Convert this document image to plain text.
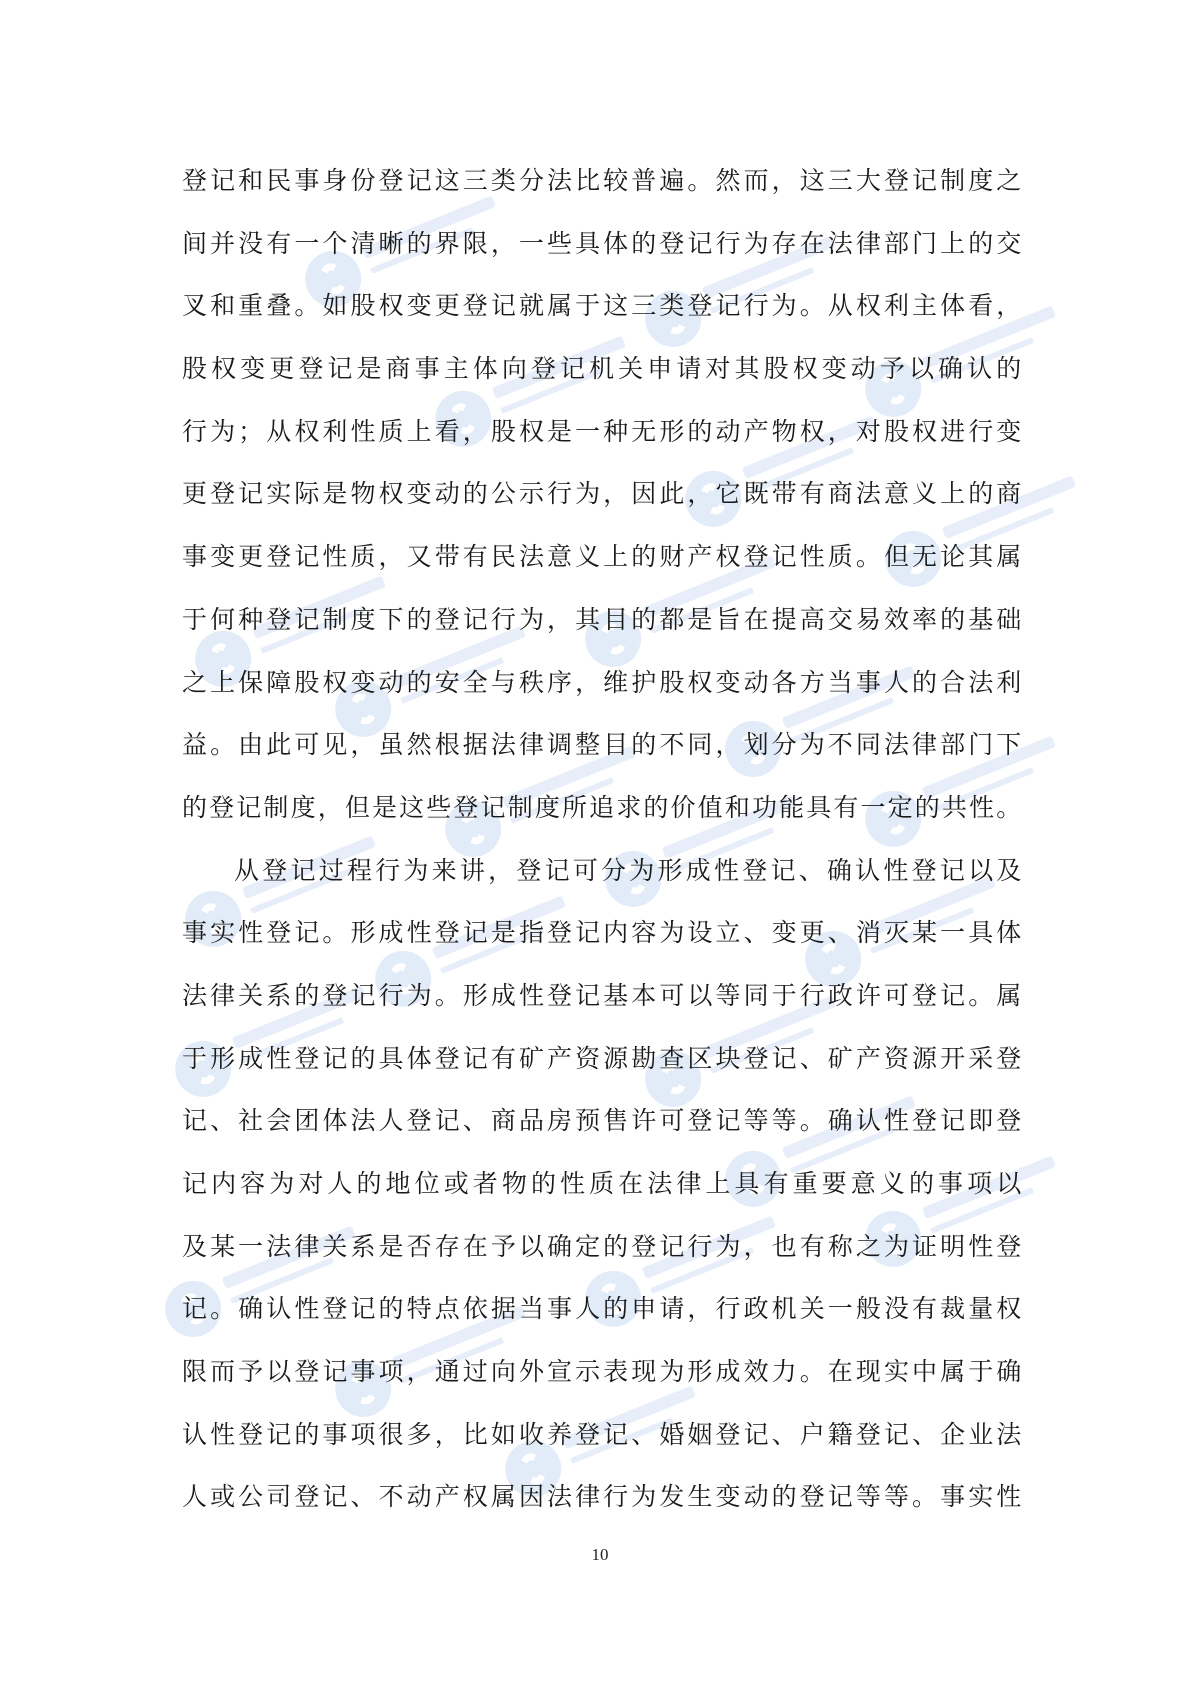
登 记 和 民 事 身 份 登 记 这 三 类 分 法 比 较 普 遍 。 然 而 ， 这 三 大 登 记 制 度 之
间 并 没 有 一 个 清 晰 的 界 限 ， 一 些 具 体 的 登 记 行 为 存 在 法 律 部 门 上 的 交
叉 和 重 叠 。 如 股 权 变 更 登 记 就 属 于 这 三 类 登 记 行 为 。 从 权 利 主 体 看 ，
股 权 变 更 登 记 是 商 事 主 体 向 登 记 机 关 申 请 对 其 股 权 变 动 予 以 确 认 的
行 为 ； 从 权 利 性 质 上 看 ， 股 权 是 一 种 无 形 的 动 产 物 权 ， 对 股 权 进 行 变
更 登 记 实 际 是 物 权 变 动 的 公 示 行 为 ， 因 此 ， 它 既 带 有 商 法 意 义 上 的 商
事 变 更 登 记 性 质 ， 又 带 有 民 法 意 义 上 的 财 产 权 登 记 性 质 。 但 无 论 其 属
于 何 种 登 记 制 度 下 的 登 记 行 为 ， 其 目 的 都 是 旨 在 提 高 交 易 效 率 的 基 础
之 上 保 障 股 权 变 动 的 安 全 与 秩 序 ， 维 护 股 权 变 动 各 方 当 事 人 的 合 法 利
益 。 由 此 可 见 ， 虽 然 根 据 法 律 调 整 目 的 不 同 ， 划 分 为 不 同 法 律 部 门 下
的 登 记 制 度 ， 但 是 这 些 登 记 制 度 所 追 求 的 价 值 和 功 能 具 有 一 定 的 共 性 。
从 登 记 过 程 行 为 来 讲 ， 登 记 可 分 为 形 成 性 登 记 、 确 认 性 登 记 以 及
事 实 性 登 记 。 形 成 性 登 记 是 指 登 记 内 容 为 设 立 、 变 更 、 消 灭 某 一 具 体
法 律 关 系 的 登 记 行 为 。 形 成 性 登 记 基 本 可 以 等 同 于 行 政 许 可 登 记 。 属
于 形 成 性 登 记 的 具 体 登 记 有 矿 产 资 源 勘 查 区 块 登 记 、 矿 产 资 源 开 采 登
记 、 社 会 团 体 法 人 登 记 、 商 品 房 预 售 许 可 登 记 等 等 。 确 认 性 登 记 即 登
记 内 容 为 对 人 的 地 位 或 者 物 的 性 质 在 法 律 上 具 有 重 要 意 义 的 事 项 以
及 某 一 法 律 关 系 是 否 存 在 予 以 确 定 的 登 记 行 为 ， 也 有 称 之 为 证 明 性 登
记 。 确 认 性 登 记 的 特 点 依 据 当 事 人 的 申 请 ， 行 政 机 关 一 般 没 有 裁 量 权
限 而 予 以 登 记 事 项 ， 通 过 向 外 宣 示 表 现 为 形 成 效 力 。 在 现 实 中 属 于 确
认 性 登 记 的 事 项 很 多 ， 比 如 收 养 登 记 、 婚 姻 登 记 、 户 籍 登 记 、 企 业 法
人 或 公 司 登 记 、 不 动 产 权 属 因 法 律 行 为 发 生 变 动 的 登 记 等 等 。 事 实 性
10
